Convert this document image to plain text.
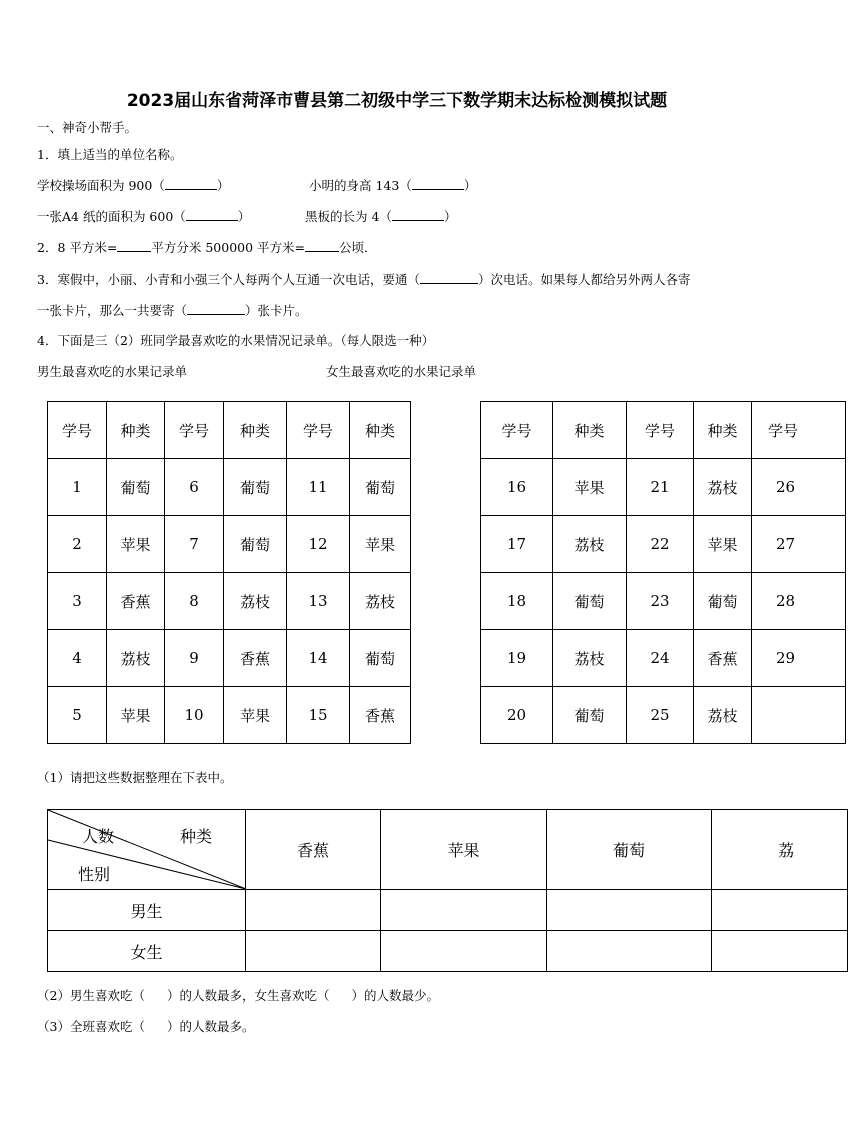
2023届山东省菏泽市曹县第二初级中学三下数学期末达标检测模拟试题
一、神奇小帮手。
1．填上适当的单位名称。
学校操场面积为 900（	）	小明的身高 143（	）
一张A4 纸的面积为 600（	）	黑板的长为 4（	）
2．8 平方米=	平方分米 500000 平方米=	公顷．
3．寒假中，小丽、小青和小强三个人每两个人互通一次电话，要通（	）次电话。如果每人都给另外两人各寄
一张卡片，那么一共要寄（	）张卡片。
4．下面是三（2）班同学最喜欢吃的水果情况记录单。（每人限选一种）
男生最喜欢吃的水果记录单	女生最喜欢吃的水果记录单
学号	种类	学号	种类	学号	种类
1	葡萄	6	葡萄	11	葡萄
2	苹果	7	葡萄	12	苹果
3	香蕉	8	荔枝	13	荔枝
4	荔枝	9	香蕉	14	葡萄
5	苹果	10	苹果	15	香蕉
学号	种类	学号	种类	学号
16	苹果	21	荔枝	26
17	荔枝	22	苹果	27
18	葡萄	23	葡萄	28
19	荔枝	24	香蕉	29
20	葡萄	25	荔枝	
（1）请把这些数据整理在下表中。
人数 种类
性别	香蕉	苹果	葡萄	荔
男生				
女生				
（2）男生喜欢吃（ ）的人数最多，女生喜欢吃（ ）的人数最少。
（3）全班喜欢吃（ ）的人数最多。
